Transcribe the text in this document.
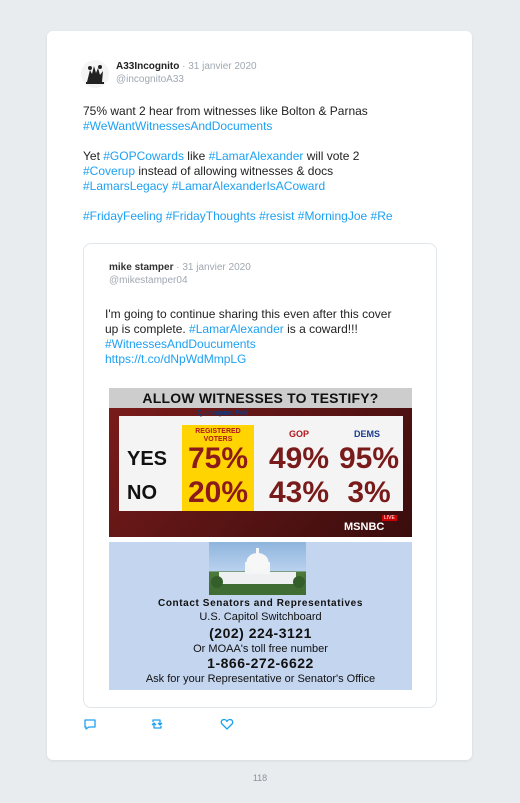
A33Incognito · 31 janvier 2020
@incognitoA33

75% want 2 hear from witnesses like Bolton & Parnas

#WeWantWitnessesAndDocuments

Yet #GOPCowards like #LamarAlexander will vote 2

#Coverup instead of allowing witnesses & docs

#LamarsLegacy #LamarAlexanderIsACoward

#FridayFeeling #FridayThoughts #resist #MorningJoe #Re

mike stamper · 31 janvier 2020
@mikestamper04
I'm going to continue sharing this even after this cover up is complete. #LamarAlexander is a coward!!! #WitnessesAndDoucuments
https://t.co/dNpWdMmpLG
ALLOW WITNESSES TO TESTIFY?
Quinnipiac Poll
REGISTERED VOTERS
GOP	DEMS
YES
NO
75% 49% 95%
20% 43% 3%
LIVE
MSNBC
Contact Senators and Representatives
U.S. Capitol Switchboard
(202) 224-3121
Or MOAA's toll free number
1-866-272-6622
Ask for your Representative or Senator's Office
118
